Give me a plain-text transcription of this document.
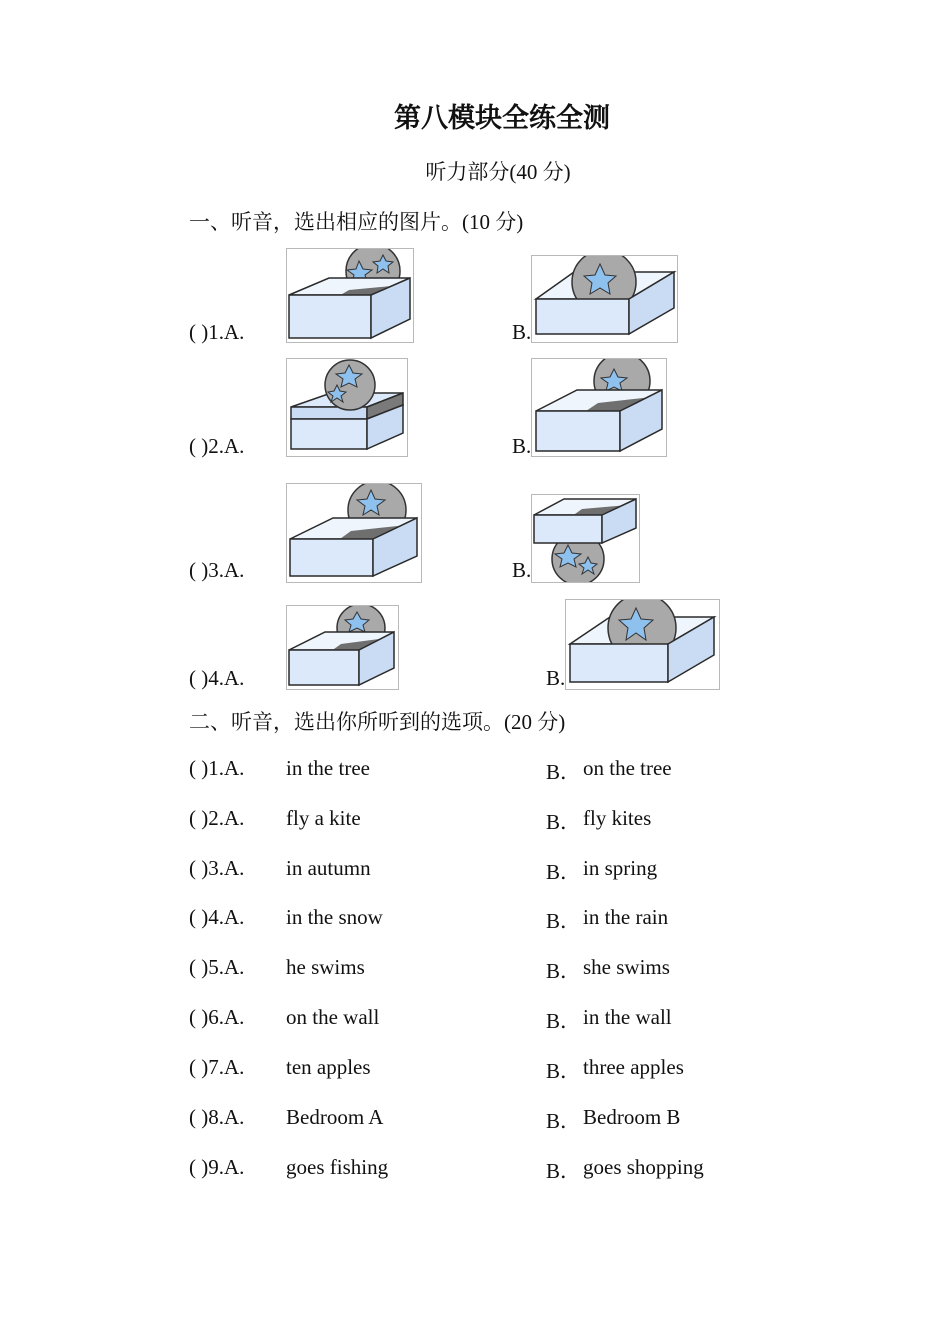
第八模块全练全测
听力部分(40 分)
一、听音，选出相应的图片。(10 分)
( )1.A.	B.
( )2.A.	B.
( )3.A.	B.
( )4.A.	B.
二、听音，选出你所听到的选项。(20 分)
( )1.A. in the tree	B． on the tree
( )2.A. fly a kite	B． fly kites
( )3.A. in autumn	B． in spring
( )4.A. in the snow	B． in the rain
( )5.A. he swims	B． she swims
( )6.A. on the wall	B． in the wall
( )7.A. ten apples	B． three apples
( )8.A. Bedroom A	B． Bedroom B
( )9.A. goes fishing	B． goes shopping
